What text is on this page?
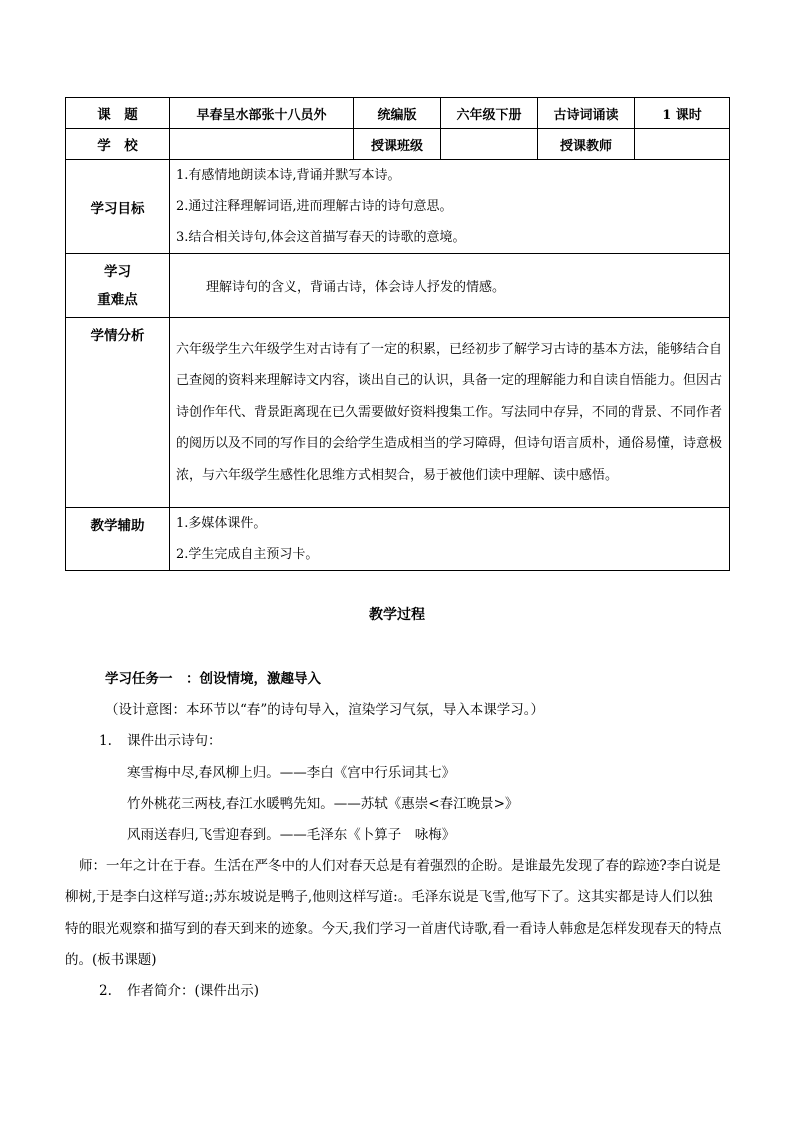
课　题	早春呈水部张十八员外	统编版	六年级下册	古诗词诵读	1 课时
学　校		授课班级		授课教师	
学习目标	1.有感情地朗读本诗,背诵并默写本诗。

2.通过注释理解词语,进而理解古诗的诗句意思。

3.结合相关诗句,体会这首描写春天的诗歌的意境。				

学习
重难点	理解诗句的含义，背诵古诗，体会诗人抒发的情感。				
学情分析	六年级学生六年级学生对古诗有了一定的积累，已经初步了解学习古诗的基本方法，能够结合自己查阅的资料来理解诗文内容，谈出自己的认识，具备一定的理解能力和自读自悟能力。但因古诗创作年代、背景距离现在已久需要做好资料搜集工作。写法同中存异，不同的背景、不同作者的阅历以及不同的写作目的会给学生造成相当的学习障碍，但诗句语言质朴，通俗易懂，诗意极浓，与六年级学生感性化思维方式相契合，易于被他们读中理解、读中感悟。				

教学辅助	1.多媒体课件。

2.学生完成自主预习卡。				

教学过程

学习任务一　：创设情境，激趣导入

（设计意图：本环节以“春”的诗句导入，渲染学习气氛，导入本课学习。）

1. 课件出示诗句：

寒雪梅中尽,春风柳上归。——李白《宫中行乐词其七》

竹外桃花三两枝,春江水暖鸭先知。——苏轼《惠崇<春江晚景>》

风雨送春归,飞雪迎春到。——毛泽东《卜算子　咏梅》

师：一年之计在于春。生活在严冬中的人们对春天总是有着强烈的企盼。是谁最先发现了春的踪迹?李白说是柳树,于是李白这样写道:;苏东坡说是鸭子,他则这样写道:。毛泽东说是飞雪,他写下了。这其实都是诗人们以独特的眼光观察和描写到的春天到来的迹象。今天,我们学习一首唐代诗歌,看一看诗人韩愈是怎样发现春天的特点的。(板书课题)

2. 作者简介：(课件出示)
